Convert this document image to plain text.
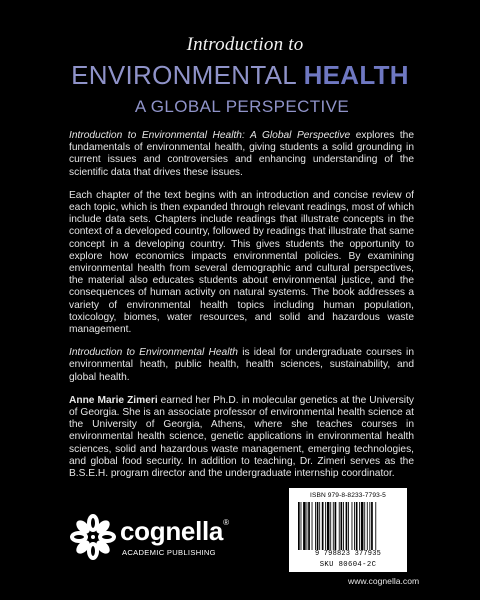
Introduction to
ENVIRONMENTAL HEALTH
A GLOBAL PERSPECTIVE

Introduction to Environmental Health: A Global Perspective explores the fundamentals of environmental health, giving students a solid grounding in current issues and controversies and enhancing understanding of the scientific data that drives these issues.

Each chapter of the text begins with an introduction and concise review of each topic, which is then expanded through relevant readings, most of which include data sets. Chapters include readings that illustrate concepts in the context of a developed country, followed by readings that illustrate that same concept in a developing country. This gives students the opportunity to explore how economics impacts environmental policies. By examining environmental health from several demographic and cultural perspectives, the material also educates students about environmental justice, and the consequences of human activity on natural systems. The book addresses a variety of environmental health topics including human population, toxicology, biomes, water resources, and solid and hazardous waste management.

Introduction to Environmental Health is ideal for undergraduate courses in environmental heath, public health, health sciences, sustainability, and global health.

Anne Marie Zimeri earned her Ph.D. in molecular genetics at the University of Georgia. She is an associate professor of environmental health science at the University of Georgia, Athens, where she teaches courses in environmental health science, genetic applications in environmental health sciences, solid and hazardous waste management, emerging technologies, and global food security. In addition to teaching, Dr. Zimeri serves as the B.S.E.H. program director and the undergraduate internship coordinator.

cognella®
ACADEMIC PUBLISHING
ISBN 979-8-8233-7793-5
9 798823 377935
SKU 80604-2C
www.cognella.com
